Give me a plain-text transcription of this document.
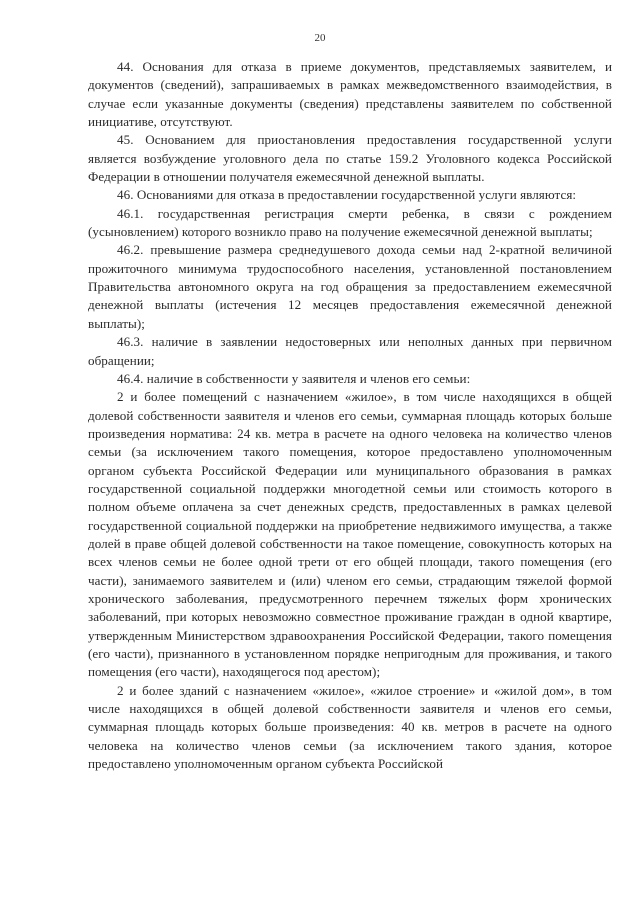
20

44. Основания для отказа в приеме документов, представляемых заявителем, и документов (сведений), запрашиваемых в рамках межведомственного взаимодействия, в случае если указанные документы (сведения) представлены заявителем по собственной инициативе, отсутствуют.

45. Основанием для приостановления предоставления государственной услуги является возбуждение уголовного дела по статье 159.2 Уголовного кодекса Российской Федерации в отношении получателя ежемесячной денежной выплаты.

46. Основаниями для отказа в предоставлении государственной услуги являются:

46.1. государственная регистрация смерти ребенка, в связи с рождением (усыновлением) которого возникло право на получение ежемесячной денежной выплаты;

46.2. превышение размера среднедушевого дохода семьи над 2-кратной величиной прожиточного минимума трудоспособного населения, установленной постановлением Правительства автономного округа на год обращения за предоставлением ежемесячной денежной выплаты (истечения 12 месяцев предоставления ежемесячной денежной выплаты);

46.3. наличие в заявлении недостоверных или неполных данных при первичном обращении;

46.4. наличие в собственности у заявителя и членов его семьи:

2 и более помещений с назначением «жилое», в том числе находящихся в общей долевой собственности заявителя и членов его семьи, суммарная площадь которых больше произведения норматива: 24 кв. метра в расчете на одного человека на количество членов семьи (за исключением такого помещения, которое предоставлено уполномоченным органом субъекта Российской Федерации или муниципального образования в рамках государственной социальной поддержки многодетной семьи или стоимость которого в полном объеме оплачена за счет денежных средств, предоставленных в рамках целевой государственной социальной поддержки на приобретение недвижимого имущества, а также долей в праве общей долевой собственности на такое помещение, совокупность которых на всех членов семьи не более одной трети от его общей площади, такого помещения (его части), занимаемого заявителем и (или) членом его семьи, страдающим тяжелой формой хронического заболевания, предусмотренного перечнем тяжелых форм хронических заболеваний, при которых невозможно совместное проживание граждан в одной квартире, утвержденным Министерством здравоохранения Российской Федерации, такого помещения (его части), признанного в установленном порядке непригодным для проживания, и такого помещения (его части), находящегося под арестом);

2 и более зданий с назначением «жилое», «жилое строение» и «жилой дом», в том числе находящихся в общей долевой собственности заявителя и членов его семьи, суммарная площадь которых больше произведения: 40 кв. метров в расчете на одного человека на количество членов семьи (за исключением такого здания, которое предоставлено уполномоченным органом субъекта Российской
